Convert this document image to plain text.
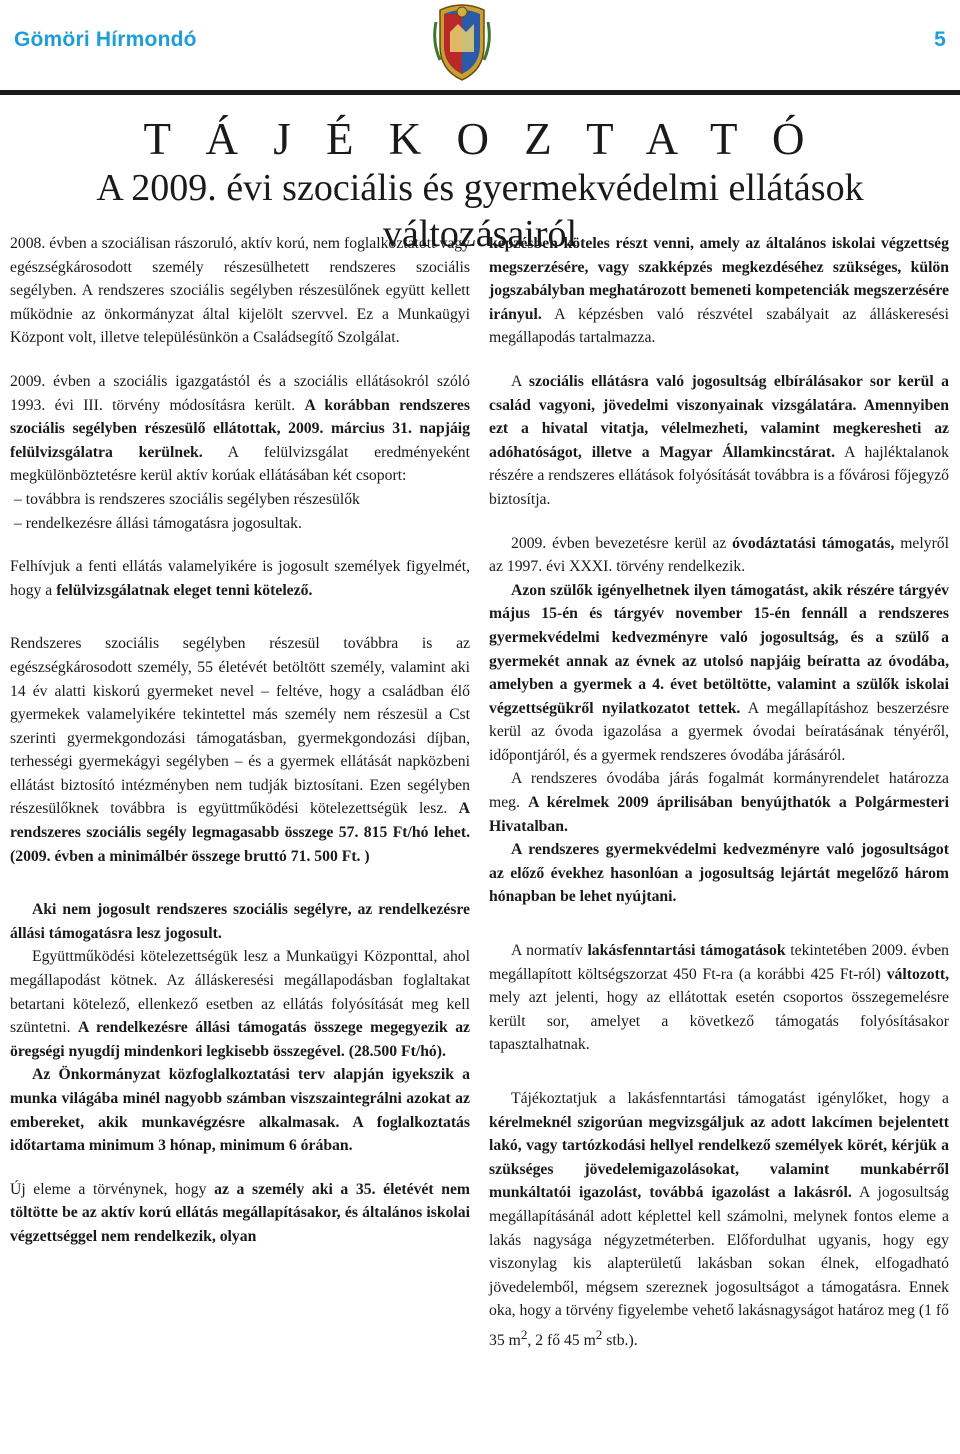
Gömöri Hírmondó	5
T Á J É K O Z T A T Ó
A 2009. évi szociális és gyermekvédelmi ellátások változásairól

2008. évben a szociálisan rászoruló, aktív korú, nem foglalkoztatott vagy egészségkárosodott személy részesülhetett rendszeres szociális segélyben. A rendszeres szociális segélyben részesülőnek együtt kellett működnie az önkormányzat által kijelölt szervvel. Ez a Munkaügyi Központ volt, illetve településünkön a Családsegítő Szolgálat.

2009. évben a szociális igazgatástól és a szociális ellátásokról szóló 1993. évi III. törvény módosításra került. A korábban rendszeres szociális segélyben részesülő ellátottak, 2009. március 31. napjáig felülvizsgálatra kerülnek. A felülvizsgálat eredményeként megkülönböztetésre kerül aktív korúak ellátásában két csoport:

– továbbra is rendszeres szociális segélyben részesülők

– rendelkezésre állási támogatásra jogosultak.

Felhívjuk a fenti ellátás valamelyikére is jogosult személyek figyelmét, hogy a felülvizsgálatnak eleget tenni kötelező.

Rendszeres szociális segélyben részesül továbbra is az egészségkárosodott személy, 55 életévét betöltött személy, valamint aki 14 év alatti kiskorú gyermeket nevel – feltéve, hogy a családban élő gyermekek valamelyikére tekintettel más személy nem részesül a Cst szerinti gyermekgondozási támogatásban, gyermekgondozási díjban, terhességi gyermekágyi segélyben – és a gyermek ellátását napközbeni ellátást biztosító intézményben nem tudják biztosítani. Ezen segélyben részesülőknek továbbra is együttműködési kötelezettségük lesz. A rendszeres szociális segély legmagasabb összege 57. 815 Ft/hó lehet. (2009. évben a minimálbér összege bruttó 71. 500 Ft. )

Aki nem jogosult rendszeres szociális segélyre, az rendelkezésre állási támogatásra lesz jogosult.

Együttműködési kötelezettségük lesz a Munkaügyi Központtal, ahol megállapodást kötnek. Az álláskeresési megállapodásban foglaltakat betartani kötelező, ellenkező esetben az ellátás folyósítását meg kell szüntetni. A rendelkezésre állási támogatás összege megegyezik az öregségi nyugdíj mindenkori legkisebb összegével. (28.500 Ft/hó).

Az Önkormányzat közfoglalkoztatási terv alapján igyekszik a munka világába minél nagyobb számban viszszaintegrálni azokat az embereket, akik munkavégzésre alkalmasak. A foglalkoztatás időtartama minimum 3 hónap, minimum 6 órában.

Új eleme a törvénynek, hogy az a személy aki a 35. életévét nem töltötte be az aktív korú ellátás megállapításakor, és általános iskolai végzettséggel nem rendelkezik, olyan

képzésben köteles részt venni, amely az általános iskolai végzettség megszerzésére, vagy szakképzés megkezdéséhez szükséges, külön jogszabályban meghatározott bemeneti kompetenciák megszerzésére irányul. A képzésben való részvétel szabályait az álláskeresési megállapodás tartalmazza.

A szociális ellátásra való jogosultság elbírálásakor sor kerül a család vagyoni, jövedelmi viszonyainak vizsgálatára. Amennyiben ezt a hivatal vitatja, vélelmezheti, valamint megkeresheti az adóhatóságot, illetve a Magyar Államkincstárat. A hajléktalanok részére a rendszeres ellátások folyósítását továbbra is a fővárosi főjegyző biztosítja.

2009. évben bevezetésre kerül az óvodáztatási támogatás, melyről az 1997. évi XXXI. törvény rendelkezik.

Azon szülők igényelhetnek ilyen támogatást, akik részére tárgyév május 15-én és tárgyév november 15-én fennáll a rendszeres gyermekvédelmi kedvezményre való jogosultság, és a szülő a gyermekét annak az évnek az utolsó napjáig beíratta az óvodába, amelyben a gyermek a 4. évet betöltötte, valamint a szülők iskolai végzettségükről nyilatkozatot tettek. A megállapításhoz beszerzésre kerül az óvoda igazolása a gyermek óvodai beíratásának tényéről, időpontjáról, és a gyermek rendszeres óvodába járásáról.

A rendszeres óvodába járás fogalmát kormányrendelet határozza meg. A kérelmek 2009 áprilisában benyújthatók a Polgármesteri Hivatalban.

A rendszeres gyermekvédelmi kedvezményre való jogosultságot az előző évekhez hasonlóan a jogosultság lejártát megelőző három hónapban be lehet nyújtani.

A normatív lakásfenntartási támogatások tekintetében 2009. évben megállapított költségszorzat 450 Ft-ra (a korábbi 425 Ft-ról) változott, mely azt jelenti, hogy az ellátottak esetén csoportos összegemelésre került sor, amelyet a következő támogatás folyósításakor tapasztalhatnak.

Tájékoztatjuk a lakásfenntartási támogatást igénylőket, hogy a kérelmeknél szigorúan megvizsgáljuk az adott lakcímen bejelentett lakó, vagy tartózkodási hellyel rendelkező személyek körét, kérjük a szükséges jövedelemigazolásokat, valamint munkabérről munkáltatói igazolást, továbbá igazolást a lakásról. A jogosultság megállapításánál adott képlettel kell számolni, melynek fontos eleme a lakás nagysága négyzetméterben. Előfordulhat ugyanis, hogy egy viszonylag kis alapterületű lakásban sokan élnek, elfogadható jövedelemből, mégsem szereznek jogosultságot a támogatásra. Ennek oka, hogy a törvény figyelembe vehető lakásnagyságot határoz meg (1 fő 35 $m^2$, 2 fő 45 $m^2$ stb.).
